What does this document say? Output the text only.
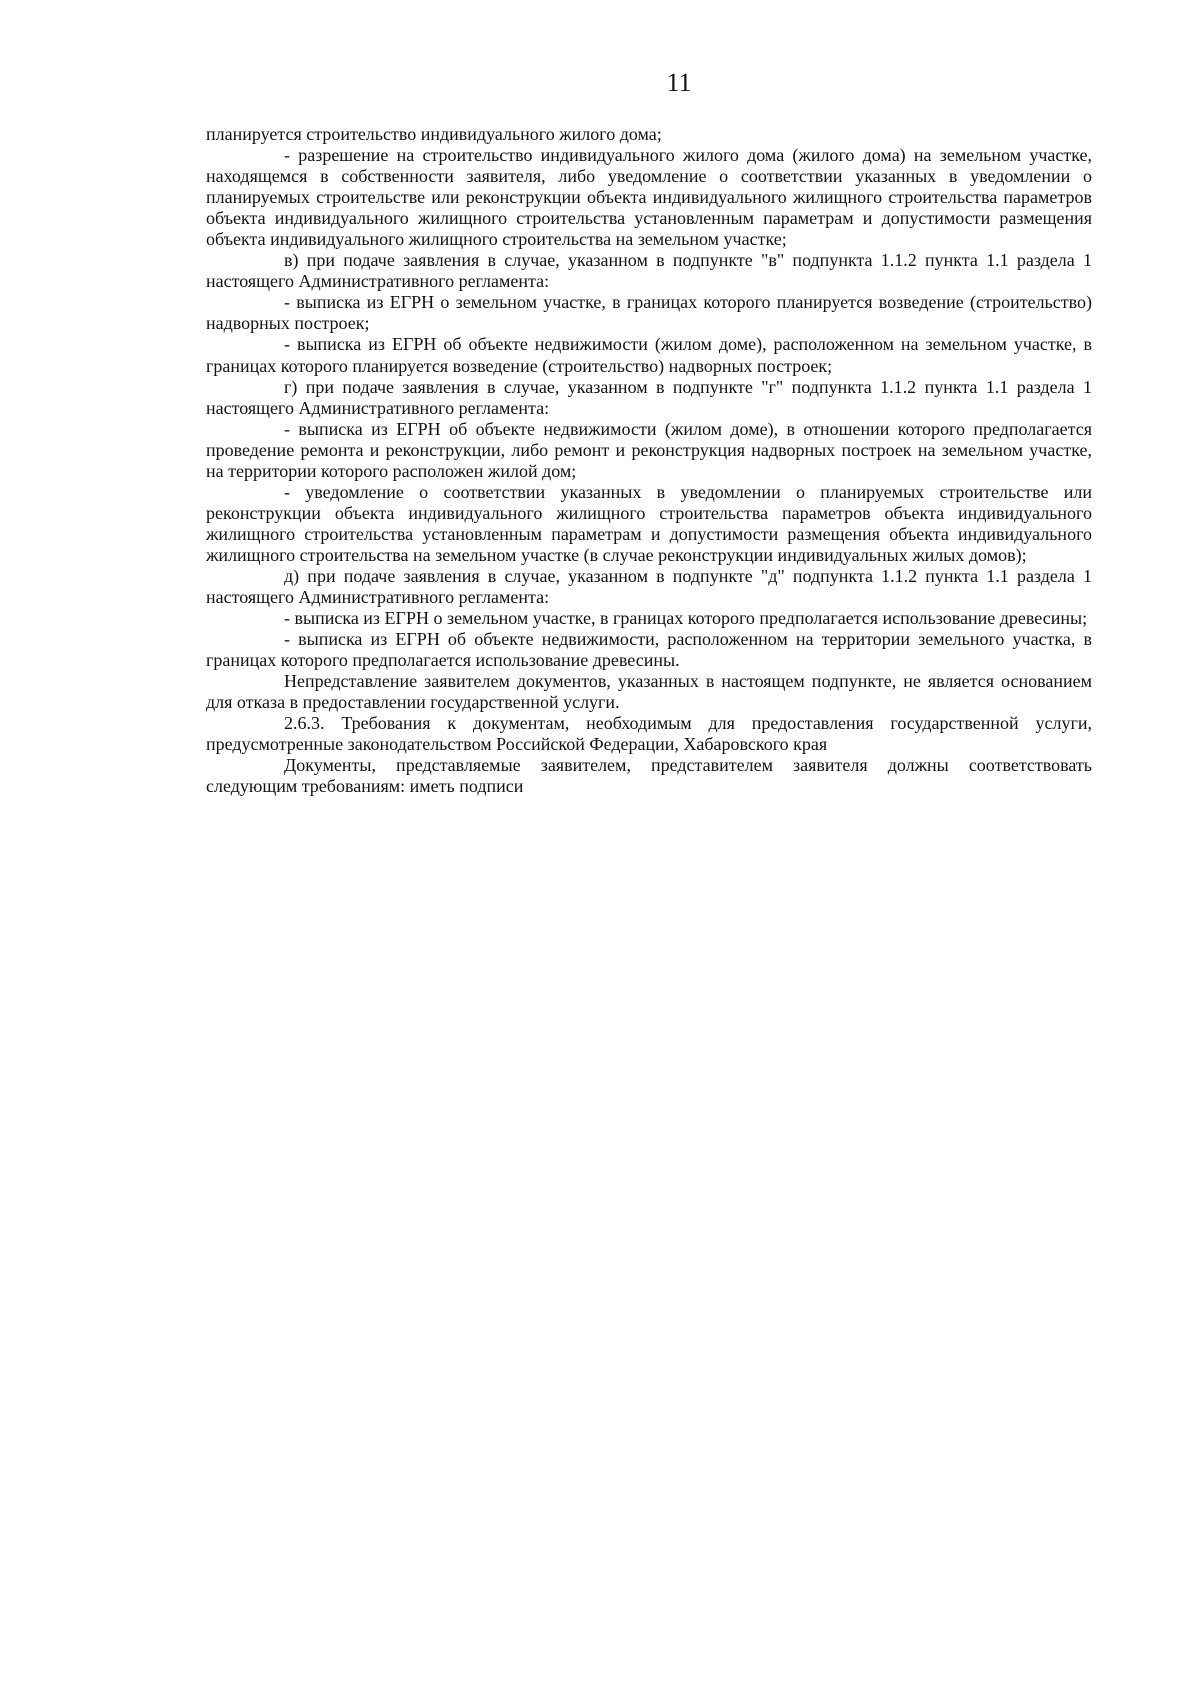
11

планируется строительство индивидуального жилого дома;

- разрешение на строительство индивидуального жилого дома (жилого дома) на земельном участке, находящемся в собственности заявителя, либо уведомление о соответствии указанных в уведомлении о планируемых строительстве или реконструкции объекта индивидуального жилищного строительства параметров объекта индивидуального жилищного строительства установленным параметрам и допустимости размещения объекта индивидуального жилищного строительства на земельном участке;

в) при подаче заявления в случае, указанном в подпункте "в" подпункта 1.1.2 пункта 1.1 раздела 1 настоящего Административного регламента:

- выписка из ЕГРН о земельном участке, в границах которого планируется возведение (строительство) надворных построек;

- выписка из ЕГРН об объекте недвижимости (жилом доме), расположенном на земельном участке, в границах которого планируется возведение (строительство) надворных построек;

г) при подаче заявления в случае, указанном в подпункте "г" подпункта 1.1.2 пункта 1.1 раздела 1 настоящего Административного регламента:

- выписка из ЕГРН об объекте недвижимости (жилом доме), в отношении которого предполагается проведение ремонта и реконструкции, либо ремонт и реконструкция надворных построек на земельном участке, на территории которого расположен жилой дом;

- уведомление о соответствии указанных в уведомлении о планируемых строительстве или реконструкции объекта индивидуального жилищного строительства параметров объекта индивидуального жилищного строительства установленным параметрам и допустимости размещения объекта индивидуального жилищного строительства на земельном участке (в случае реконструкции индивидуальных жилых домов);

д) при подаче заявления в случае, указанном в подпункте "д" подпункта 1.1.2 пункта 1.1 раздела 1 настоящего Административного регламента:

- выписка из ЕГРН о земельном участке, в границах которого предполагается использование древесины;

- выписка из ЕГРН об объекте недвижимости, расположенном на территории земельного участка, в границах которого предполагается использование древесины.

Непредставление заявителем документов, указанных в настоящем подпункте, не является основанием для отказа в предоставлении государственной услуги.

2.6.3. Требования к документам, необходимым для предоставления государственной услуги, предусмотренные законодательством Российской Федерации, Хабаровского края

Документы, представляемые заявителем, представителем заявителя должны соответствовать следующим требованиям: иметь подписи
